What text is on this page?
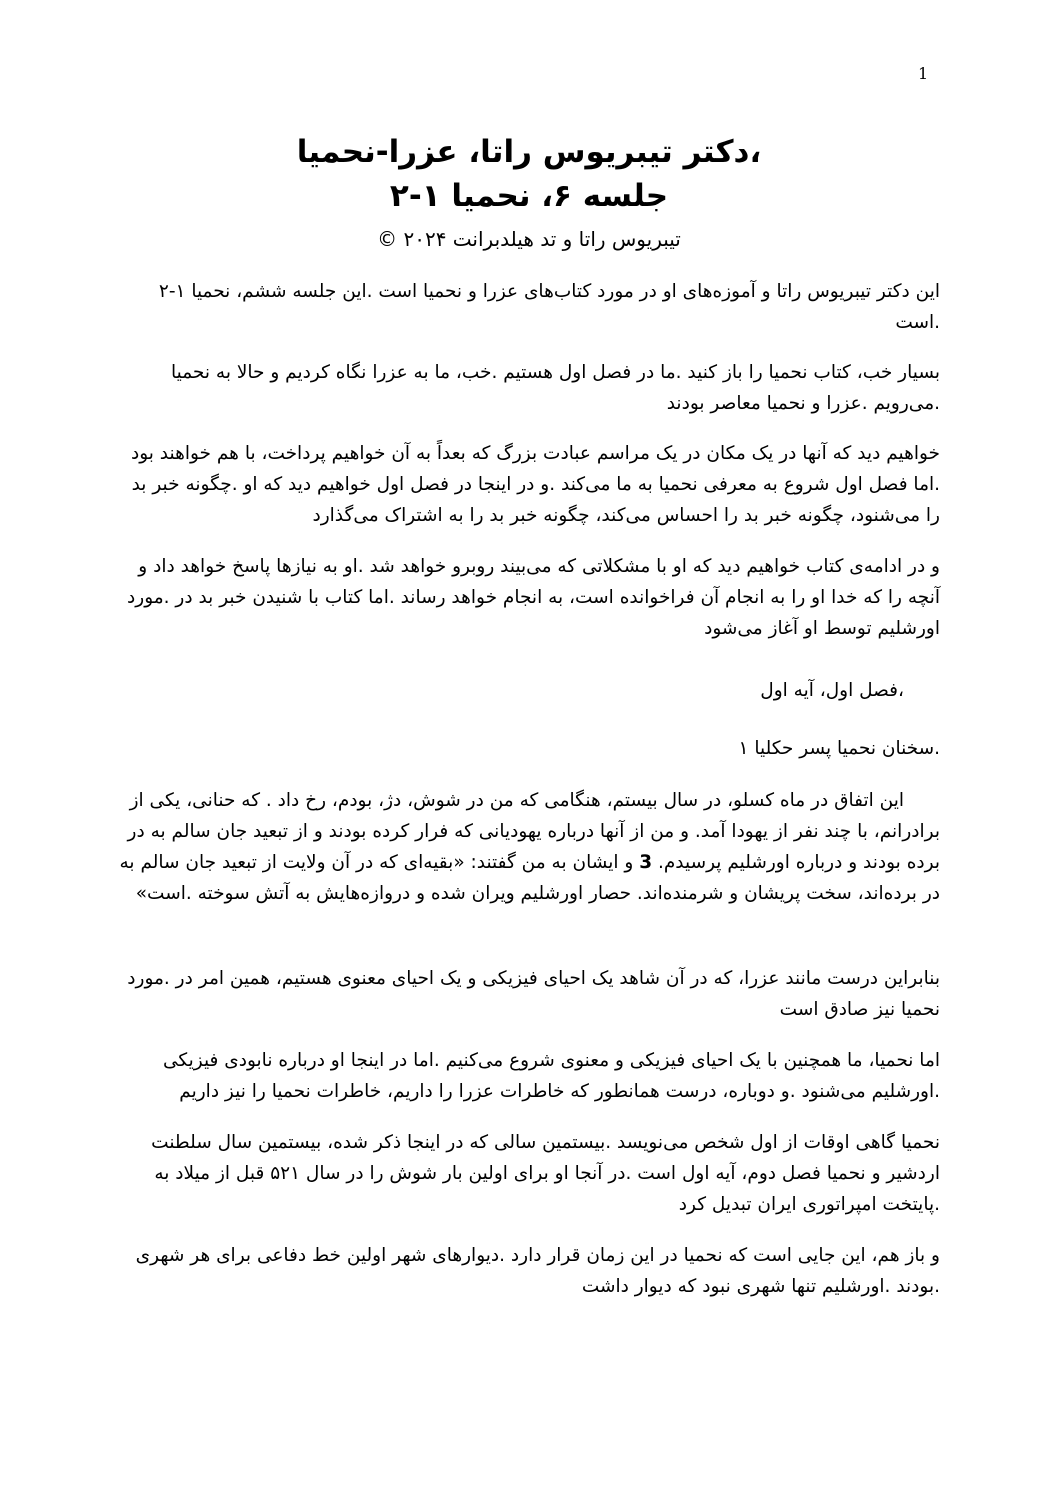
1

،دکتر تیبریوس راتا، عزرا-نحمیا

جلسه ۶، نحمیا ۱-۲

تیبریوس راتا و تد هیلدبرانت ۲۰۲۴ ©

این دکتر تیبریوس راتا و آموزه‌های او در مورد کتاب‌های عزرا و نحمیا است .این جلسه ششم، نحمیا ۱-۲ .است

بسیار خب، کتاب نحمیا را باز کنید .ما در فصل اول هستیم .خب، ما به عزرا نگاه کردیم و حالا به نحمیا .می‌رویم .عزرا و نحمیا معاصر بودند

خواهیم دید که آنها در یک مکان در یک مراسم عبادت بزرگ که بعداً به آن خواهیم پرداخت، با هم خواهند بود .اما فصل اول شروع به معرفی نحمیا به ما می‌کند .و در اینجا در فصل اول خواهیم دید که او .چگونه خبر بد را می‌شنود، چگونه خبر بد را احساس می‌کند، چگونه خبر بد را به اشتراک می‌گذارد

و در ادامه‌ی کتاب خواهیم دید که او با مشکلاتی که می‌بیند روبرو خواهد شد .او به نیازها پاسخ خواهد داد و آنچه را که خدا او را به انجام آن فراخوانده است، به انجام خواهد رساند .اما کتاب با شنیدن خبر بد در .مورد اورشلیم توسط او آغاز می‌شود

،فصل اول، آیه اول

.سخنان نحمیا پسر حکلیا ۱

این اتفاق در ماه کسلو، در سال بیستم، هنگامی که من در شوش، دژ، بودم، رخ داد . که حنانی، یکی از برادرانم، با چند نفر از یهودا آمد. و من از آنها درباره یهودیانی که فرار کرده بودند و از تبعید جان سالم به در برده بودند و درباره اورشلیم پرسیدم. 3 و ایشان به من گفتند: «بقیه‌ای که در آن ولایت از تبعید جان سالم به در برده‌اند، سخت پریشان و شرمنده‌اند. حصار اورشلیم ویران شده و دروازه‌هایش به آتش سوخته .است»

بنابراین درست مانند عزرا، که در آن شاهد یک احیای فیزیکی و یک احیای معنوی هستیم، همین امر در .مورد نحمیا نیز صادق است

اما نحمیا، ما همچنین با یک احیای فیزیکی و معنوی شروع می‌کنیم .اما در اینجا او درباره نابودی فیزیکی .اورشلیم می‌شنود .و دوباره، درست همانطور که خاطرات عزرا را داریم، خاطرات نحمیا را نیز داریم

نحمیا گاهی اوقات از اول شخص می‌نویسد .بیستمین سالی که در اینجا ذکر شده، بیستمین سال سلطنت اردشیر و نحمیا فصل دوم، آیه اول است .در آنجا او برای اولین بار شوش را در سال ۵۲۱ قبل از میلاد به .پایتخت امپراتوری ایران تبدیل کرد

و باز هم، این جایی است که نحمیا در این زمان قرار دارد .دیوارهای شهر اولین خط دفاعی برای هر شهری .بودند .اورشلیم تنها شهری نبود که دیوار داشت
